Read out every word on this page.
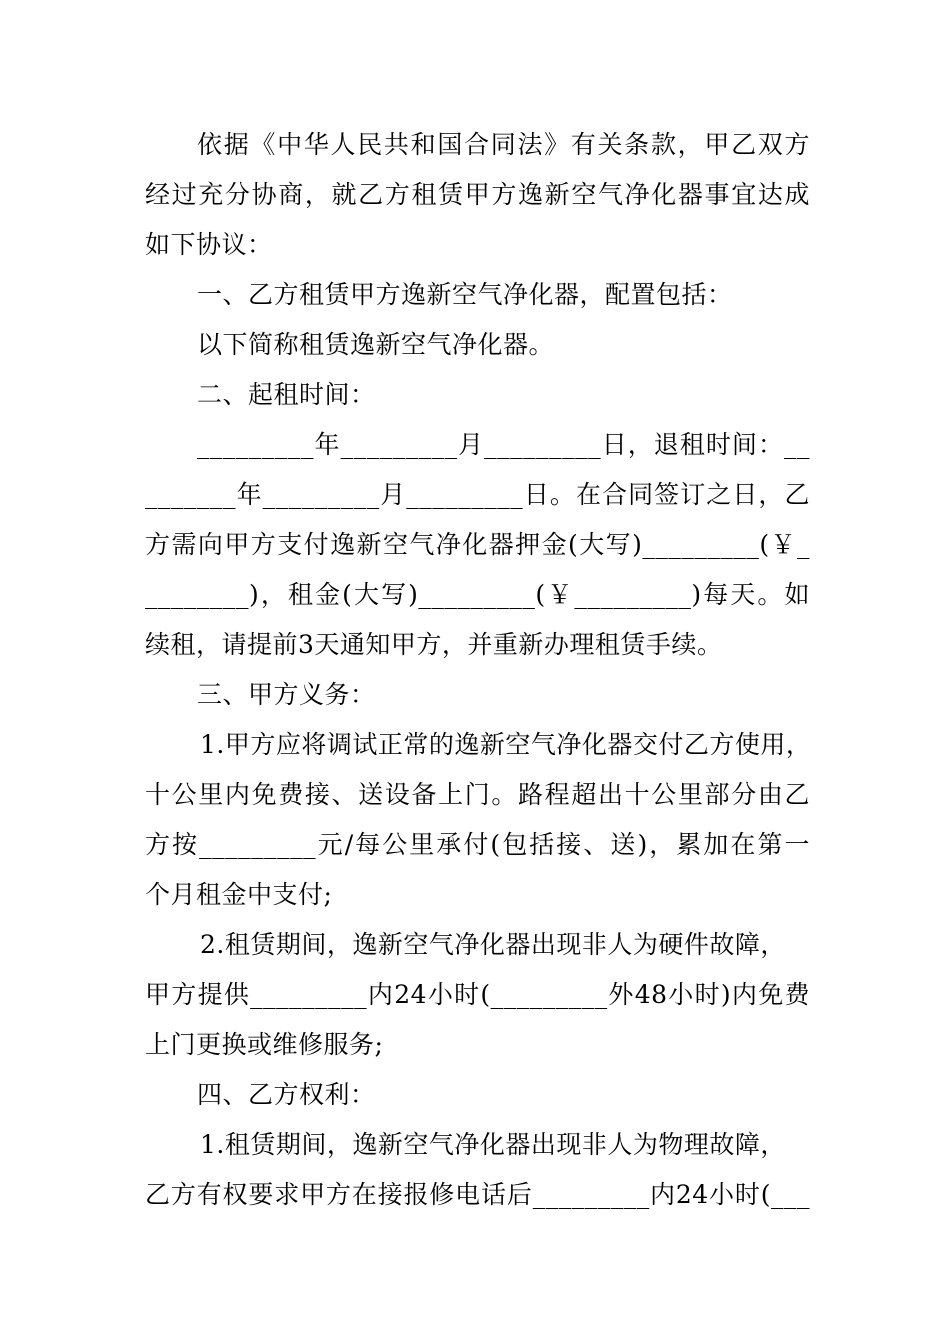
依据《中华人民共和国合同法》有关条款，甲乙双方
经过充分协商，就乙方租赁甲方逸新空气净化器事宜达成
如下协议：
一、乙方租赁甲方逸新空气净化器，配置包括：
以下简称租赁逸新空气净化器。
二、起租时间：
_________年_________月_________日，退租时间：__
_______年_________月_________日。在合同签订之日，乙
方需向甲方支付逸新空气净化器押金(大写)_________(￥_
________)，租金(大写)_________(￥_________)每天。如
续租，请提前3天通知甲方，并重新办理租赁手续。
三、甲方义务：
1.甲方应将调试正常的逸新空气净化器交付乙方使用，
十公里内免费接、送设备上门。路程超出十公里部分由乙
方按_________元/每公里承付(包括接、送)，累加在第一
个月租金中支付;
2.租赁期间，逸新空气净化器出现非人为硬件故障，
甲方提供_________内24小时(_________外48小时)内免费
上门更换或维修服务;
四、乙方权利：
1.租赁期间，逸新空气净化器出现非人为物理故障，
乙方有权要求甲方在接报修电话后_________内24小时(___
